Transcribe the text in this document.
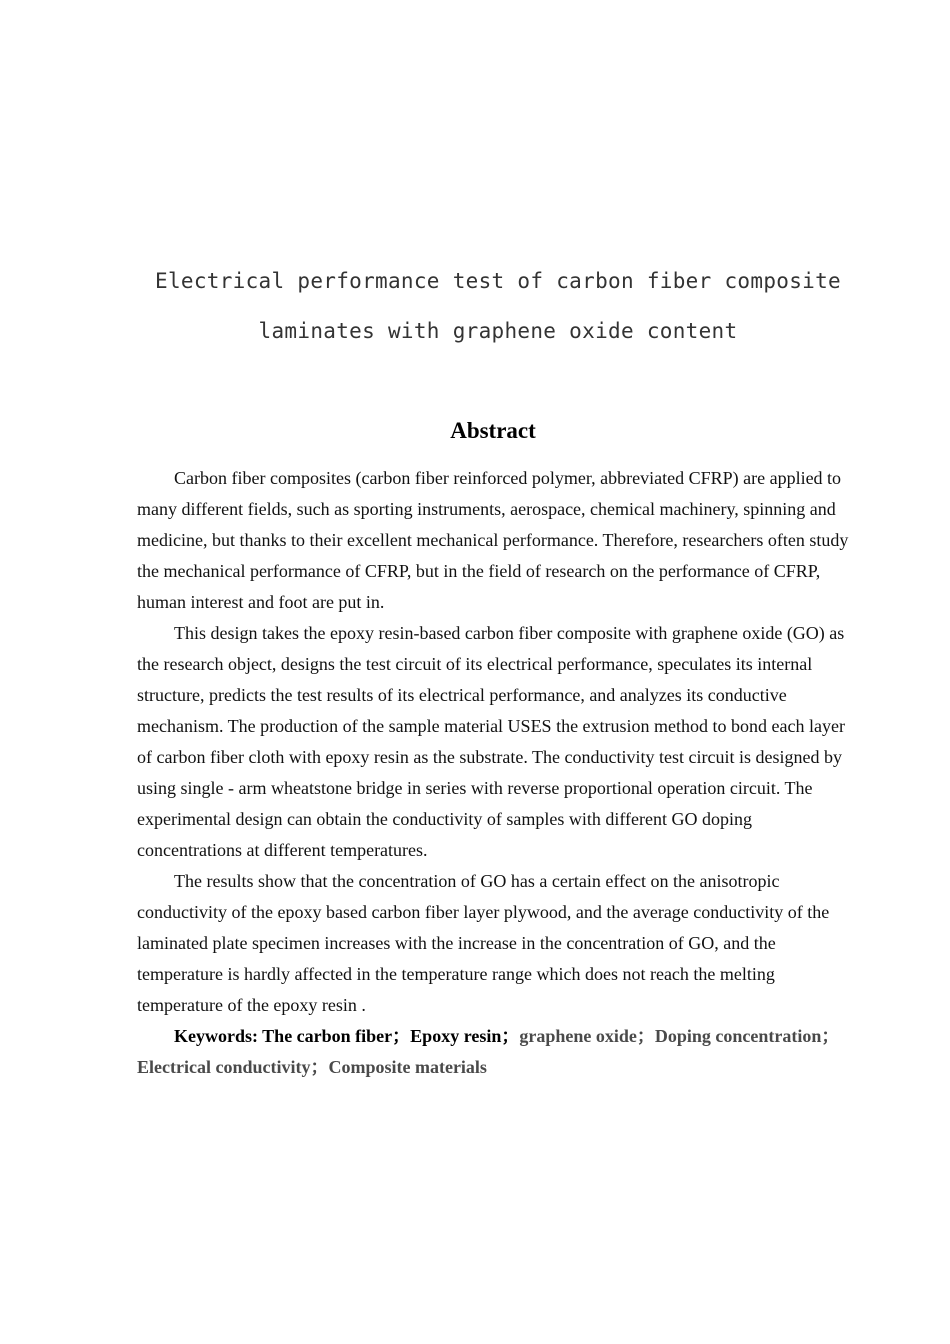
Electrical performance test of carbon fiber composite
laminates with graphene oxide content
Abstract

Carbon fiber composites (carbon fiber reinforced polymer, abbreviated CFRP) are applied to many different fields, such as sporting instruments, aerospace, chemical machinery, spinning and medicine, but thanks to their excellent mechanical performance. Therefore, researchers often study the mechanical performance of CFRP, but in the field of research on the performance of CFRP, human interest and foot are put in.

This design takes the epoxy resin-based carbon fiber composite with graphene oxide (GO) as the research object, designs the test circuit of its electrical performance, speculates its internal structure, predicts the test results of its electrical performance, and analyzes its conductive mechanism. The production of the sample material USES the extrusion method to bond each layer of carbon fiber cloth with epoxy resin as the substrate. The conductivity test circuit is designed by using single - arm wheatstone bridge in series with reverse proportional operation circuit. The experimental design can obtain the conductivity of samples with different GO doping concentrations at different temperatures.

The results show that the concentration of GO has a certain effect on the anisotropic conductivity of the epoxy based carbon fiber layer plywood, and the average conductivity of the laminated plate specimen increases with the increase in the concentration of GO, and the temperature is hardly affected in the temperature range which does not reach the melting temperature of the epoxy resin .

Keywords: The carbon fiber；Epoxy resin；graphene oxide；Doping concentration；Electrical conductivity；Composite materials
